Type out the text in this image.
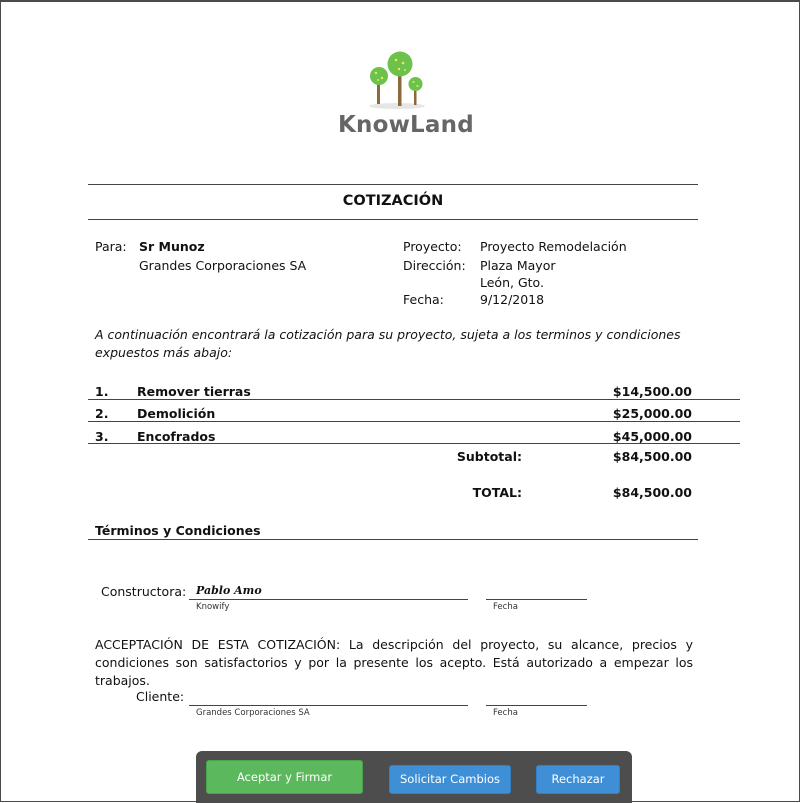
KnowLand
COTIZACIÓN
Para: Sr Munoz
Grandes Corporaciones SA
Proyecto: Proyecto Remodelación
Dirección: Plaza Mayor
León, Gto.
Fecha:	9/12/2018
A continuación encontrará la cotización para su proyecto, sujeta a los terminos y condiciones expuestos más abajo:
1. Remover tierras	$14,500.00
2. Demolición	$25,000.00
3. Encofrados	$45,000.00
Subtotal:	$84,500.00
TOTAL:	$84,500.00
Términos y Condiciones
Constructora: Pablo Amo
Knowify	Fecha
ACCEPTACIÓN DE ESTA COTIZACIÓN: La descripción del proyecto, su alcance, precios y condiciones son satisfactorios y por la presente los acepto. Está autorizado a empezar los trabajos.
Cliente:
Grandes Corporaciones SA	Fecha
Aceptar y Firmar	Solicitar Cambios	Rechazar
